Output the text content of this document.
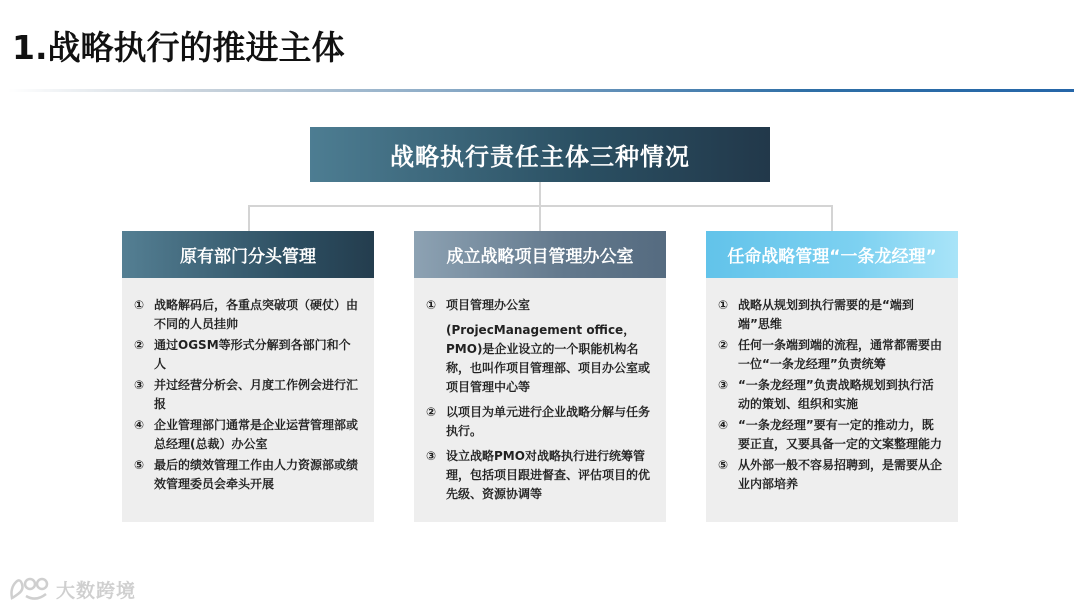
1.战略执行的推进主体
战略执行责任主体三种情况
原有部门分头管理
① 战略解码后，各重点突破项（硬仗）由不同的人员挂帅
② 通过OGSM等形式分解到各部门和个人
③ 并过经营分析会、月度工作例会进行汇报
④ 企业管理部门通常是企业运营管理部或总经理(总裁）办公室
⑤ 最后的绩效管理工作由人力资源部或绩效管理委员会牵头开展
成立战略项目管理办公室
① 项目管理办公室
(ProjecManagement office，PMO)是企业设立的一个职能机构名称，也叫作项目管理部、项目办公室或项目管理中心等
② 以项目为单元进行企业战略分解与任务执行。
③ 设立战略PMO对战略执行进行统筹管理，包括项目跟进督查、评估项目的优先级、资源协调等
任命战略管理“一条龙经理”
① 战略从规划到执行需要的是“端到端”思维
② 任何一条端到端的流程，通常都需要由一位“一条龙经理”负责统筹
③ “一条龙经理”负责战略规划到执行活动的策划、组织和实施
④ “一条龙经理”要有一定的推动力，既要正直，又要具备一定的文案整理能力
⑤ 从外部一般不容易招聘到，是需要从企业内部培养
大数跨境
